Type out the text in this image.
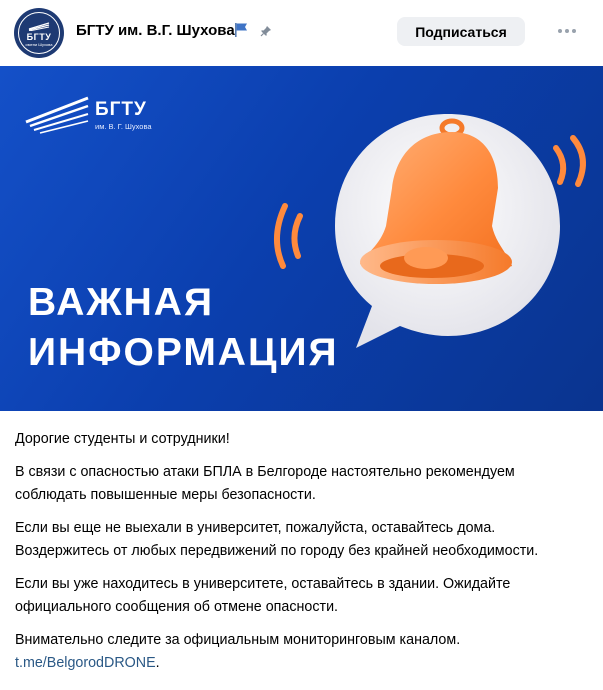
БГТУ
имени Шухова
БГТУ им. В.Г. Шухова	Подписаться
БГТУ
им. В. Г. Шухова
ВАЖНАЯ
ИНФОРМАЦИЯ

Дорогие студенты и сотрудники!

В связи с опасностью атаки БПЛА в Белгороде настоятельно рекомендуем соблюдать повышенные меры безопасности.

Если вы еще не выехали в университет, пожалуйста, оставайтесь дома. Воздержитесь от любых передвижений по городу без крайней необходимости.

Если вы уже находитесь в университете, оставайтесь в здании. Ожидайте официального сообщения об отмене опасности.

Внимательно следите за официальным мониторинговым каналом.
t.me/BelgorodDRONE.
